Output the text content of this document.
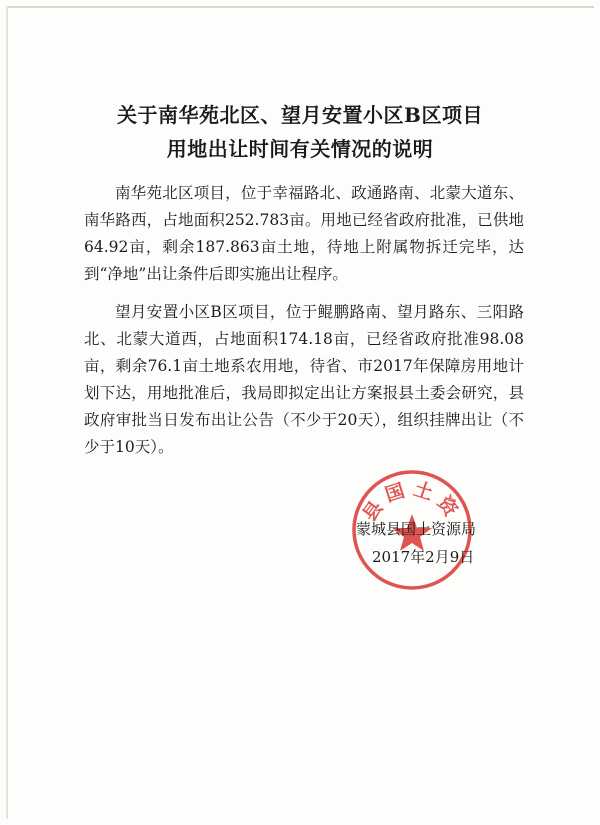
关于南华苑北区、望月安置小区B区项目
用地出让时间有关情况的说明

南华苑北区项目，位于幸福路北、政通路南、北蒙大道东、南华路西，占地面积252.783亩。用地已经省政府批准，已供地64.92亩，剩余187.863亩土地，待地上附属物拆迁完毕，达到“净地”出让条件后即实施出让程序。

望月安置小区B区项目，位于鲲鹏路南、望月路东、三阳路北、北蒙大道西，占地面积174.18亩，已经省政府批准98.08亩，剩余76.1亩土地系农用地，待省、市2017年保障房用地计划下达，用地批准后，我局即拟定出让方案报县土委会研究，县政府审批当日发布出让公告（不少于20天），组织挂牌出让（不少于10天）。

县国土资
蒙城县国土资源局
2017年2月9日
